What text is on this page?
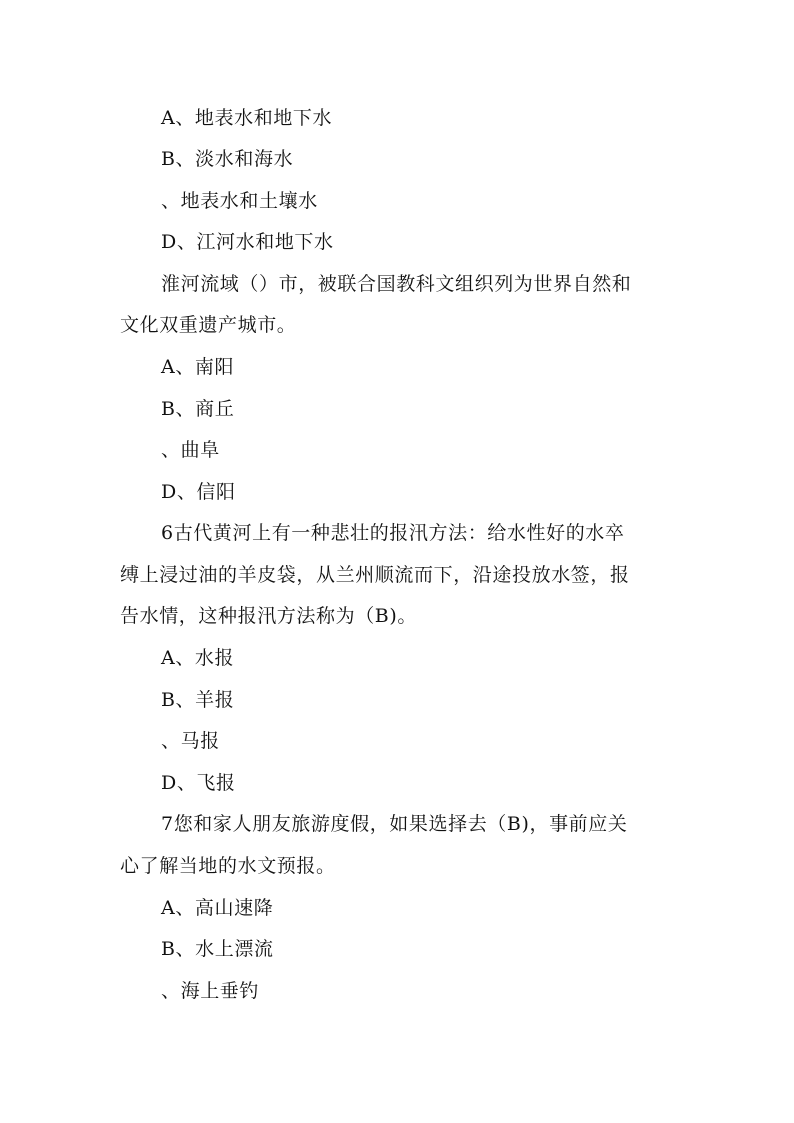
A、地表水和地下水
B、淡水和海水
、地表水和土壤水
D、江河水和地下水
淮河流域（）市，被联合国教科文组织列为世界自然和
文化双重遗产城市。
A、南阳
B、商丘
、曲阜
D、信阳
6古代黄河上有一种悲壮的报汛方法：给水性好的水卒
缚上浸过油的羊皮袋，从兰州顺流而下，沿途投放水签，报
告水情，这种报汛方法称为（B)。
A、水报
B、羊报
、马报
D、飞报
7您和家人朋友旅游度假，如果选择去（B)，事前应关
心了解当地的水文预报。
A、高山速降
B、水上漂流
、海上垂钓
